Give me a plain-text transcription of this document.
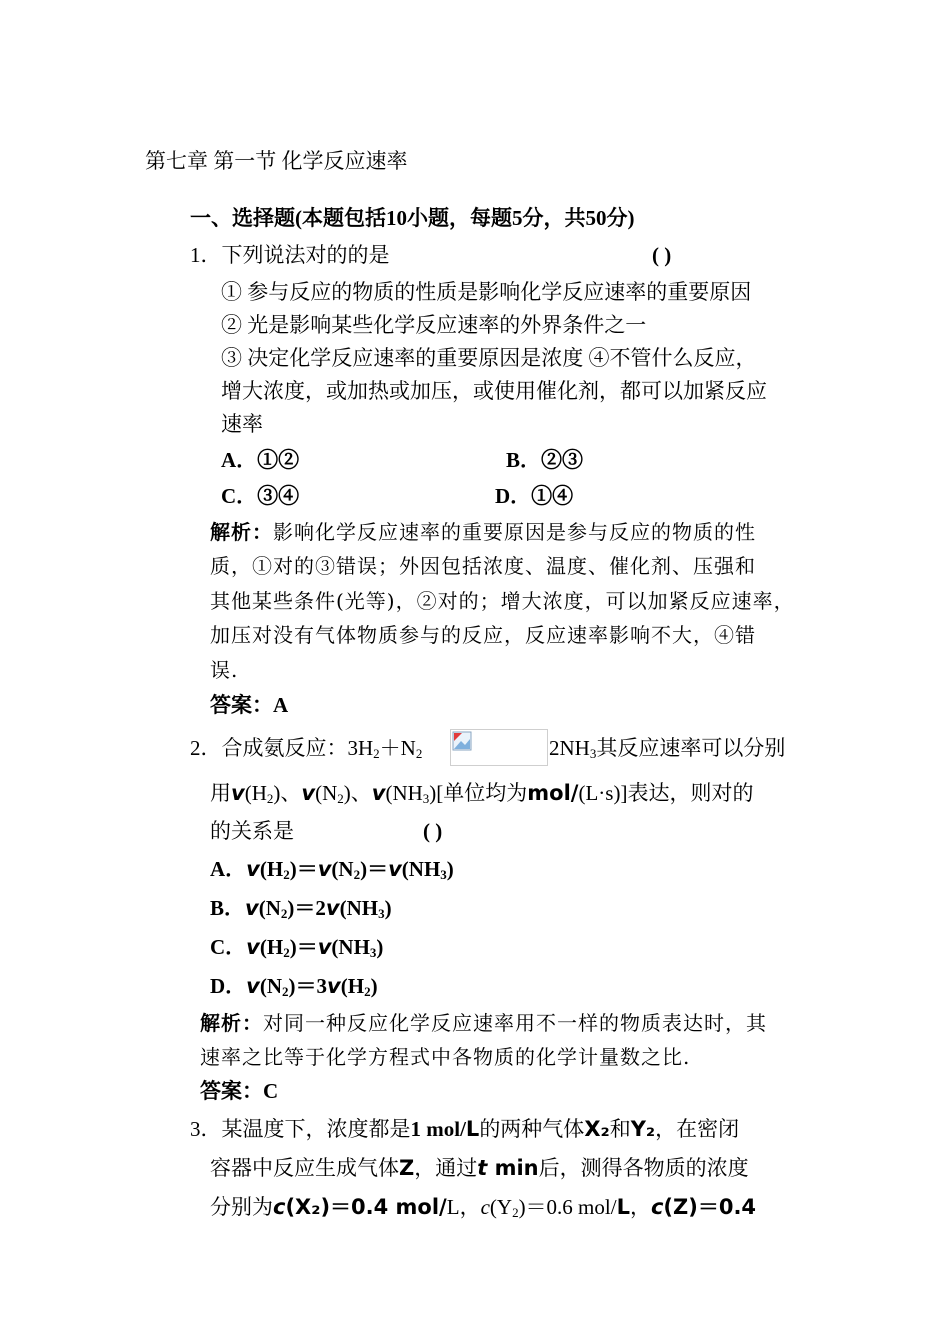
第七章 第一节 化学反应速率
一、选择题(本题包括10小题，每题5分，共50分)
1．下列说法对的的是	( )
① 参与反应的物质的性质是影响化学反应速率的重要原因
② 光是影响某些化学反应速率的外界条件之一
③ 决定化学反应速率的重要原因是浓度 ④不管什么反应，
增大浓度，或加热或加压，或使用催化剂，都可以加紧反应
速率
A．①②	B．②③
C．③④	D．①④
解析：影响化学反应速率的重要原因是参与反应的物质的性
质，①对的③错误；外因包括浓度、温度、催化剂、压强和
其他某些条件(光等)，②对的；增大浓度，可以加紧反应速率，
加压对没有气体物质参与的反应，反应速率影响不大，④错
误.
答案：A
2．合成氨反应：$3H_2+N_2$	$2NH_3$其反应速率可以分别
用$v(H_2)$、$v(N_2)$、$v(NH_3)$[单位均为mol/(L·s)]表达，则对的
的关系是	( )
A．$v(H_2)=v(N_2)=v(NH_3)$
B．$v(N_2)=2v(NH_3)$
C．$v(H_2)=v(NH_3)$
D．$v(N_2)=3v(H_2)$
解析：对同一种反应化学反应速率用不一样的物质表达时，其
速率之比等于化学方程式中各物质的化学计量数之比.
答案：C
3．某温度下，浓度都是1 mol/L的两种气体X₂和Y₂，在密闭
容器中反应生成气体Z，通过t min后，测得各物质的浓度
分别为c(X₂)＝0.4 mol/L，$c(Y_2)=0.6$ mol/L，c(Z)＝0.4
